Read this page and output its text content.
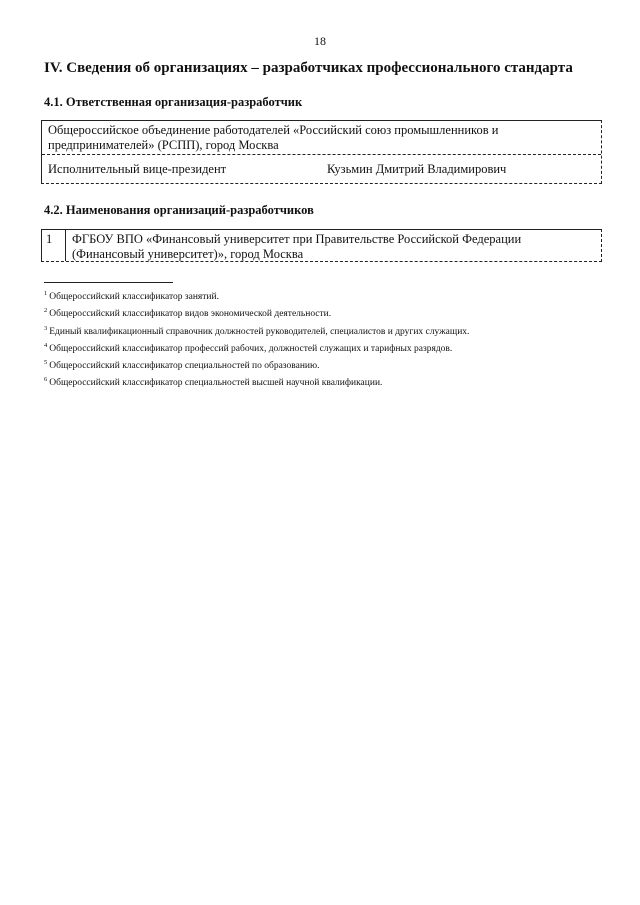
18
IV. Сведения об организациях – разработчиках профессионального стандарта
4.1. Ответственная организация-разработчик
Общероссийское объединение работодателей «Российский союз промышленников и
предпринимателей» (РСПП), город Москва
Исполнительный вице-президент	Кузьмин Дмитрий Владимирович
4.2. Наименования организаций-разработчиков
1	ФГБОУ ВПО «Финансовый университет при Правительстве Российской Федерации
(Финансовый университет)», город Москва
$^1$ Общероссийский классификатор занятий.
$^2$ Общероссийский классификатор видов экономической деятельности.
$^3$ Единый квалификационный справочник должностей руководителей, специалистов и других служащих.
$^4$ Общероссийский классификатор профессий рабочих, должностей служащих и тарифных разрядов.
$^5$ Общероссийский классификатор специальностей по образованию.
$^6$ Общероссийский классификатор специальностей высшей научной квалификации.
